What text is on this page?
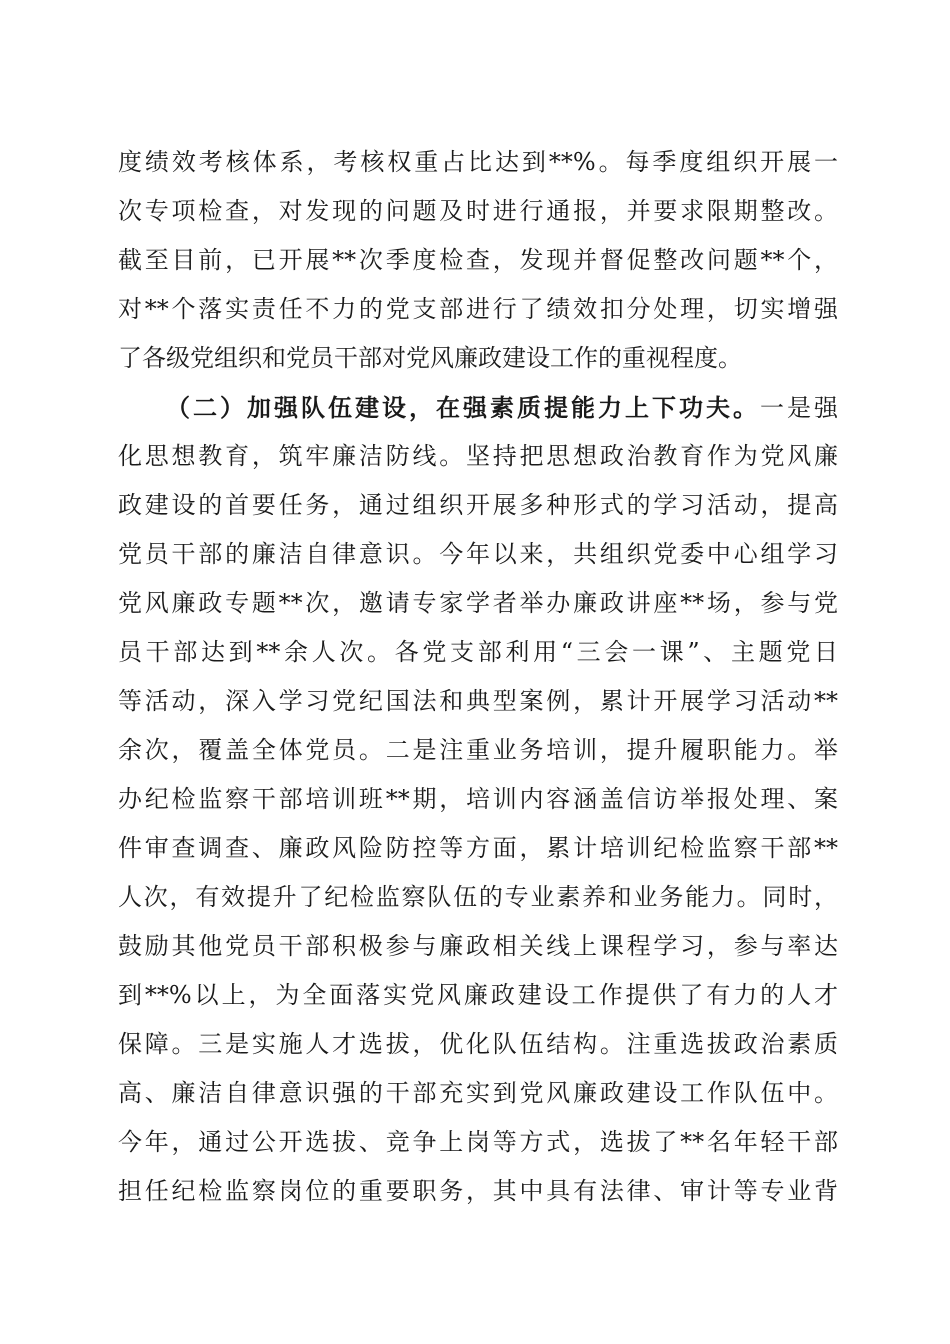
度绩效考核体系，考核权重占比达到**%。每季度组织开展一
次专项检查，对发现的问题及时进行通报，并要求限期整改。
截至目前，已开展**次季度检查，发现并督促整改问题**个，
对**个落实责任不力的党支部进行了绩效扣分处理，切实增强
了各级党组织和党员干部对党风廉政建设工作的重视程度。
（二）加强队伍建设，在强素质提能力上下功夫。一是强
化思想教育，筑牢廉洁防线。坚持把思想政治教育作为党风廉
政建设的首要任务，通过组织开展多种形式的学习活动，提高
党员干部的廉洁自律意识。今年以来，共组织党委中心组学习
党风廉政专题**次，邀请专家学者举办廉政讲座**场，参与党
员干部达到**余人次。各党支部利用“三会一课”、主题党日
等活动，深入学习党纪国法和典型案例，累计开展学习活动**
余次，覆盖全体党员。二是注重业务培训，提升履职能力。举
办纪检监察干部培训班**期，培训内容涵盖信访举报处理、案
件审查调查、廉政风险防控等方面，累计培训纪检监察干部**
人次，有效提升了纪检监察队伍的专业素养和业务能力。同时，
鼓励其他党员干部积极参与廉政相关线上课程学习，参与率达
到**%以上，为全面落实党风廉政建设工作提供了有力的人才
保障。三是实施人才选拔，优化队伍结构。注重选拔政治素质
高、廉洁自律意识强的干部充实到党风廉政建设工作队伍中。
今年，通过公开选拔、竞争上岗等方式，选拔了**名年轻干部
担任纪检监察岗位的重要职务，其中具有法律、审计等专业背
